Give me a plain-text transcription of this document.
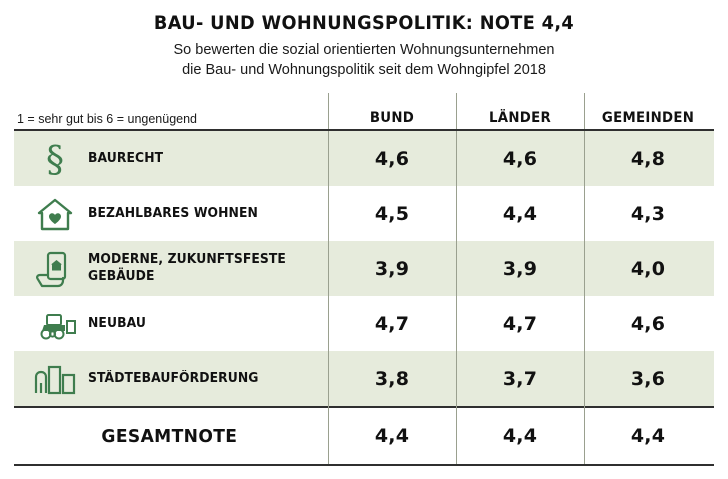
BAU- UND WOHNUNGSPOLITIK: NOTE 4,4

So bewerten die sozial orientierten Wohnungsunternehmen
die Bau- und Wohnungspolitik seit dem Wohngipfel 2018

1 = sehr gut bis 6 = ungenügend	BUND	LÄNDER	GEMEINDEN
§ BAURECHT	4,6	4,6	4,8
BEZAHLBARES WOHNEN	4,5	4,4	4,3
MODERNE, ZUKUNFTSFESTE GEBÄUDE	3,9	3,9	4,0
NEUBAU	4,7	4,7	4,6
STÄDTEBAUFÖRDERUNG	3,8	3,7	3,6
GESAMTNOTE	4,4	4,4	4,4
